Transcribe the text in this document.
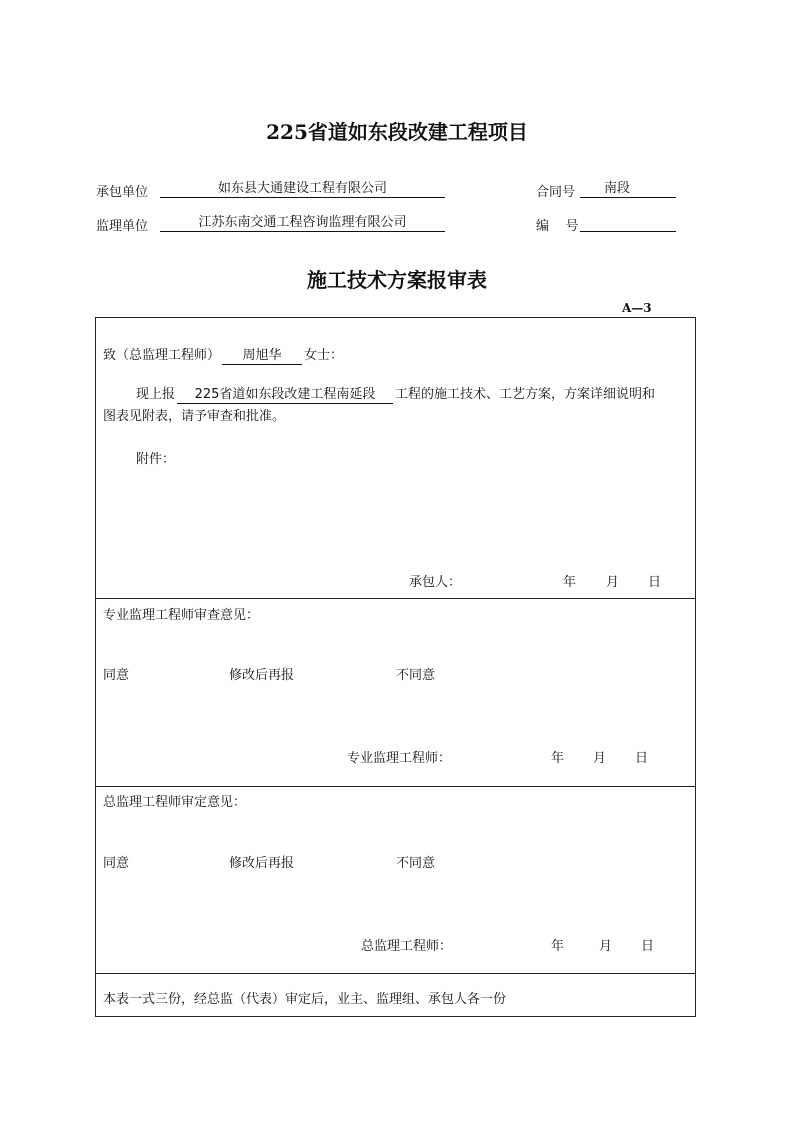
225省道如东段改建工程项目
承包单位	如东县大通建设工程有限公司	合同号	南段
监理单位	江苏东南交通工程咨询监理有限公司	编    号
施工技术方案报审表
A—3
致（总监理工程师） 周旭华 女士：
现上报 225省道如东段改建工程南延段 工程的施工技术、工艺方案，方案详细说明和
图表见附表，请予审查和批准。
附件：
承包人：	年 月 日
专业监理工程师审查意见：
同意	修改后再报	不同意
专业监理工程师：	年 月 日
总监理工程师审定意见：
同意	修改后再报	不同意
总监理工程师：	年	月 日
本表一式三份，经总监（代表）审定后，业主、监理组、承包人各一份
